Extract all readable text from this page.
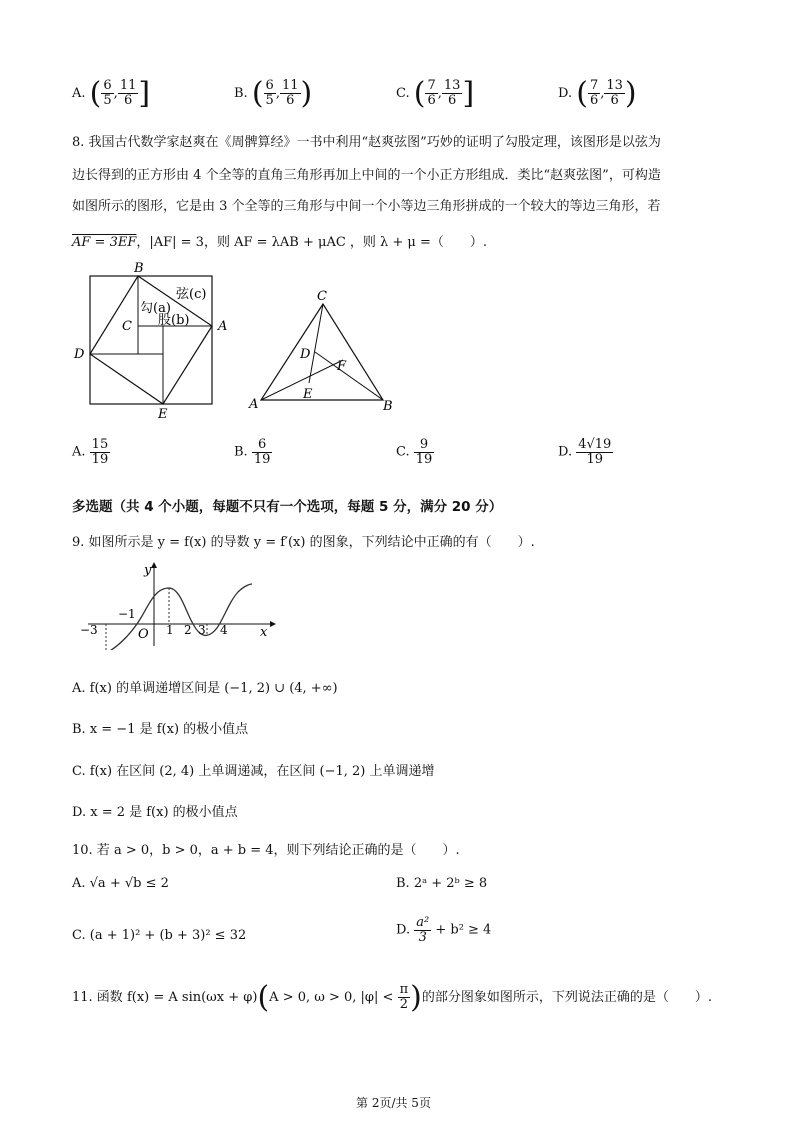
A. ( $\frac{6}{5}$ , $\frac{11}{6}$ ]	B. ( $\frac{6}{5}$ , $\frac{11}{6}$ )	C. ( $\frac{7}{6}$ , $\frac{13}{6}$ ]	D. ( $\frac{7}{6}$ , $\frac{13}{6}$ )
8. 我国古代数学家赵爽在《周髀算经》一书中利用“赵爽弦图”巧妙的证明了勾股定理，该图形是以弦为
边长得到的正方形由 4 个全等的直角三角形再加上中间的一个小正方形组成．类比“赵爽弦图”，可构造
如图所示的图形，它是由 3 个全等的三角形与中间一个小等边三角形拼成的一个较大的等边三角形，若
AF = 3EF，|AF| = 3，则 AF = λAB + μAC ，则 λ + μ =（　　）.
B
A
C
D
E
弦(c)
勾(a)
股(b)
C
D
F
E
A	B
A. $\frac{15}{19}$	B. $\frac{6}{19}$	C. $\frac{9}{19}$	D. $\frac{4√19}{19}$
多选题（共 4 个小题，每题不只有一个选项，每题 5 分，满分 20 分）
9. 如图所示是 y = f(x) 的导数 y = f′(x) 的图象，下列结论中正确的有（　　）.
y
x
O
−1
−3	1 2 3 4
A. f(x) 的单调递增区间是 (−1, 2) ∪ (4, +∞)
B. x = −1 是 f(x) 的极小值点
C. f(x) 在区间 (2, 4) 上单调递减，在区间 (−1, 2) 上单调递增
D. x = 2 是 f(x) 的极小值点
10. 若 a > 0，b > 0，a + b = 4，则下列结论正确的是（　　）.
A. √a + √b ≤ 2	B. 2ᵃ + 2ᵇ ≥ 8
C. (a + 1)² + (b + 3)² ≤ 32	D. $\frac{\text{a²}}{3} + b^2 \ge 4$
11. 函数 f(x) = A sin(ωx + φ)(A > 0, ω > 0, $|\varphi| < \frac{\pi}{2}$ )的部分图象如图所示，下列说法正确的是（　　）.
第 2页/共 5页
